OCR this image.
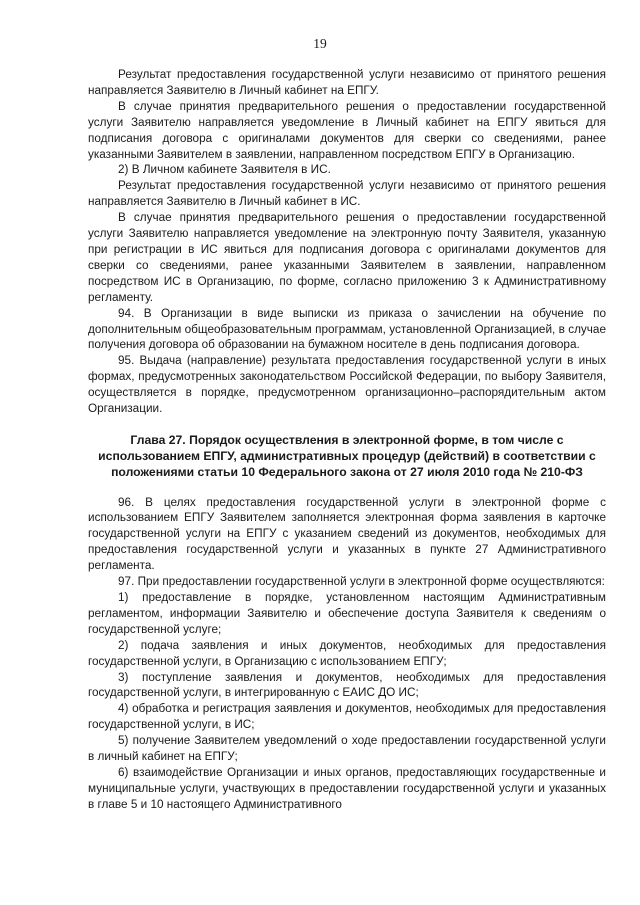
19

Результат предоставления государственной услуги независимо от принятого решения направляется Заявителю в Личный кабинет на ЕПГУ.

В случае принятия предварительного решения о предоставлении государственной услуги Заявителю направляется уведомление в Личный кабинет на ЕПГУ явиться для подписания договора с оригиналами документов для сверки со сведениями, ранее указанными Заявителем в заявлении, направленном посредством ЕПГУ в Организацию.

2) В Личном кабинете Заявителя в ИС.

Результат предоставления государственной услуги независимо от принятого решения направляется Заявителю в Личный кабинет в ИС.

В случае принятия предварительного решения о предоставлении государственной услуги Заявителю направляется уведомление на электронную почту Заявителя, указанную при регистрации в ИС явиться для подписания договора с оригиналами документов для сверки со сведениями, ранее указанными Заявителем в заявлении, направленном посредством ИС в Организацию, по форме, согласно приложению 3 к Административному регламенту.

94. В Организации в виде выписки из приказа о зачислении на обучение по дополнительным общеобразовательным программам, установленной Организацией, в случае получения договора об образовании на бумажном носителе в день подписания договора.

95. Выдача (направление) результата предоставления государственной услуги в иных формах, предусмотренных законодательством Российской Федерации, по выбору Заявителя, осуществляется в порядке, предусмотренном организационно–распорядительным актом Организации.

Глава 27. Порядок осуществления в электронной форме, в том числе с использованием ЕПГУ, административных процедур (действий) в соответствии с положениями статьи 10 Федерального закона от 27 июля 2010 года № 210-ФЗ

96. В целях предоставления государственной услуги в электронной форме с использованием ЕПГУ Заявителем заполняется электронная форма заявления в карточке государственной услуги на ЕПГУ с указанием сведений из документов, необходимых для предоставления государственной услуги и указанных в пункте 27 Административного регламента.

97. При предоставлении государственной услуги в электронной форме осуществляются:

1) предоставление в порядке, установленном настоящим Административным регламентом, информации Заявителю и обеспечение доступа Заявителя к сведениям о государственной услуге;

2) подача заявления и иных документов, необходимых для предоставления государственной услуги, в Организацию с использованием ЕПГУ;

3) поступление заявления и документов, необходимых для предоставления государственной услуги, в интегрированную с ЕАИС ДО ИС;

4) обработка и регистрация заявления и документов, необходимых для предоставления государственной услуги, в ИС;

5) получение Заявителем уведомлений о ходе предоставлении государственной услуги в личный кабинет на ЕПГУ;

6) взаимодействие Организации и иных органов, предоставляющих государственные и муниципальные услуги, участвующих в предоставлении государственной услуги и указанных в главе 5 и 10 настоящего Административного
